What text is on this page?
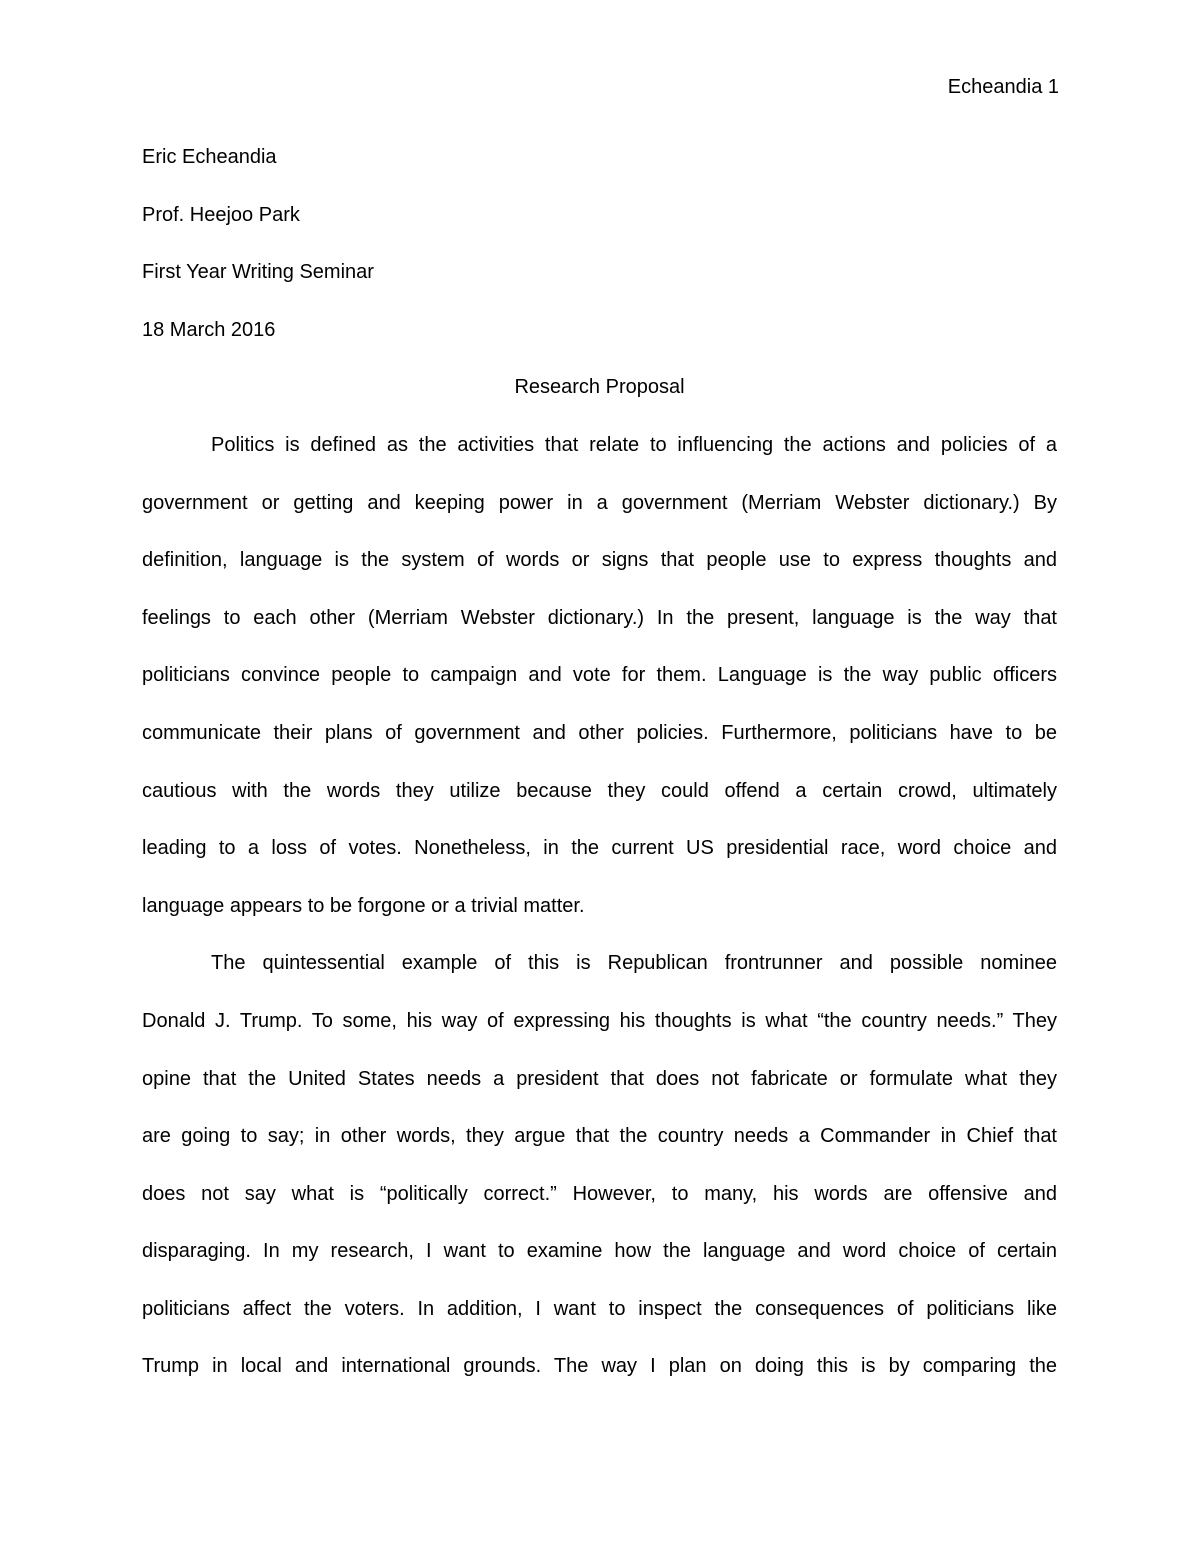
Echeandia 1
Eric Echeandia
Prof. Heejoo Park
First Year Writing Seminar
18 March 2016
Research Proposal
Politics is defined as the activities that relate to influencing the actions and policies of a
government or getting and keeping power in a government (Merriam Webster dictionary.) By
definition, language is the system of words or signs that people use to express thoughts and
feelings to each other (Merriam Webster dictionary.) In the present, language is the way that
politicians convince people to campaign and vote for them. Language is the way public officers
communicate their plans of government and other policies. Furthermore, politicians have to be
cautious with the words they utilize because they could offend a certain crowd, ultimately
leading to a loss of votes. Nonetheless, in the current US presidential race, word choice and
language appears to be forgone or a trivial matter.
The quintessential example of this is Republican frontrunner and possible nominee
Donald J. Trump. To some, his way of expressing his thoughts is what “the country needs.” They
opine that the United States needs a president that does not fabricate or formulate what they
are going to say; in other words, they argue that the country needs a Commander in Chief that
does not say what is “politically correct.” However, to many, his words are offensive and
disparaging. In my research, I want to examine how the language and word choice of certain
politicians affect the voters. In addition, I want to inspect the consequences of politicians like
Trump in local and international grounds. The way I plan on doing this is by comparing the
